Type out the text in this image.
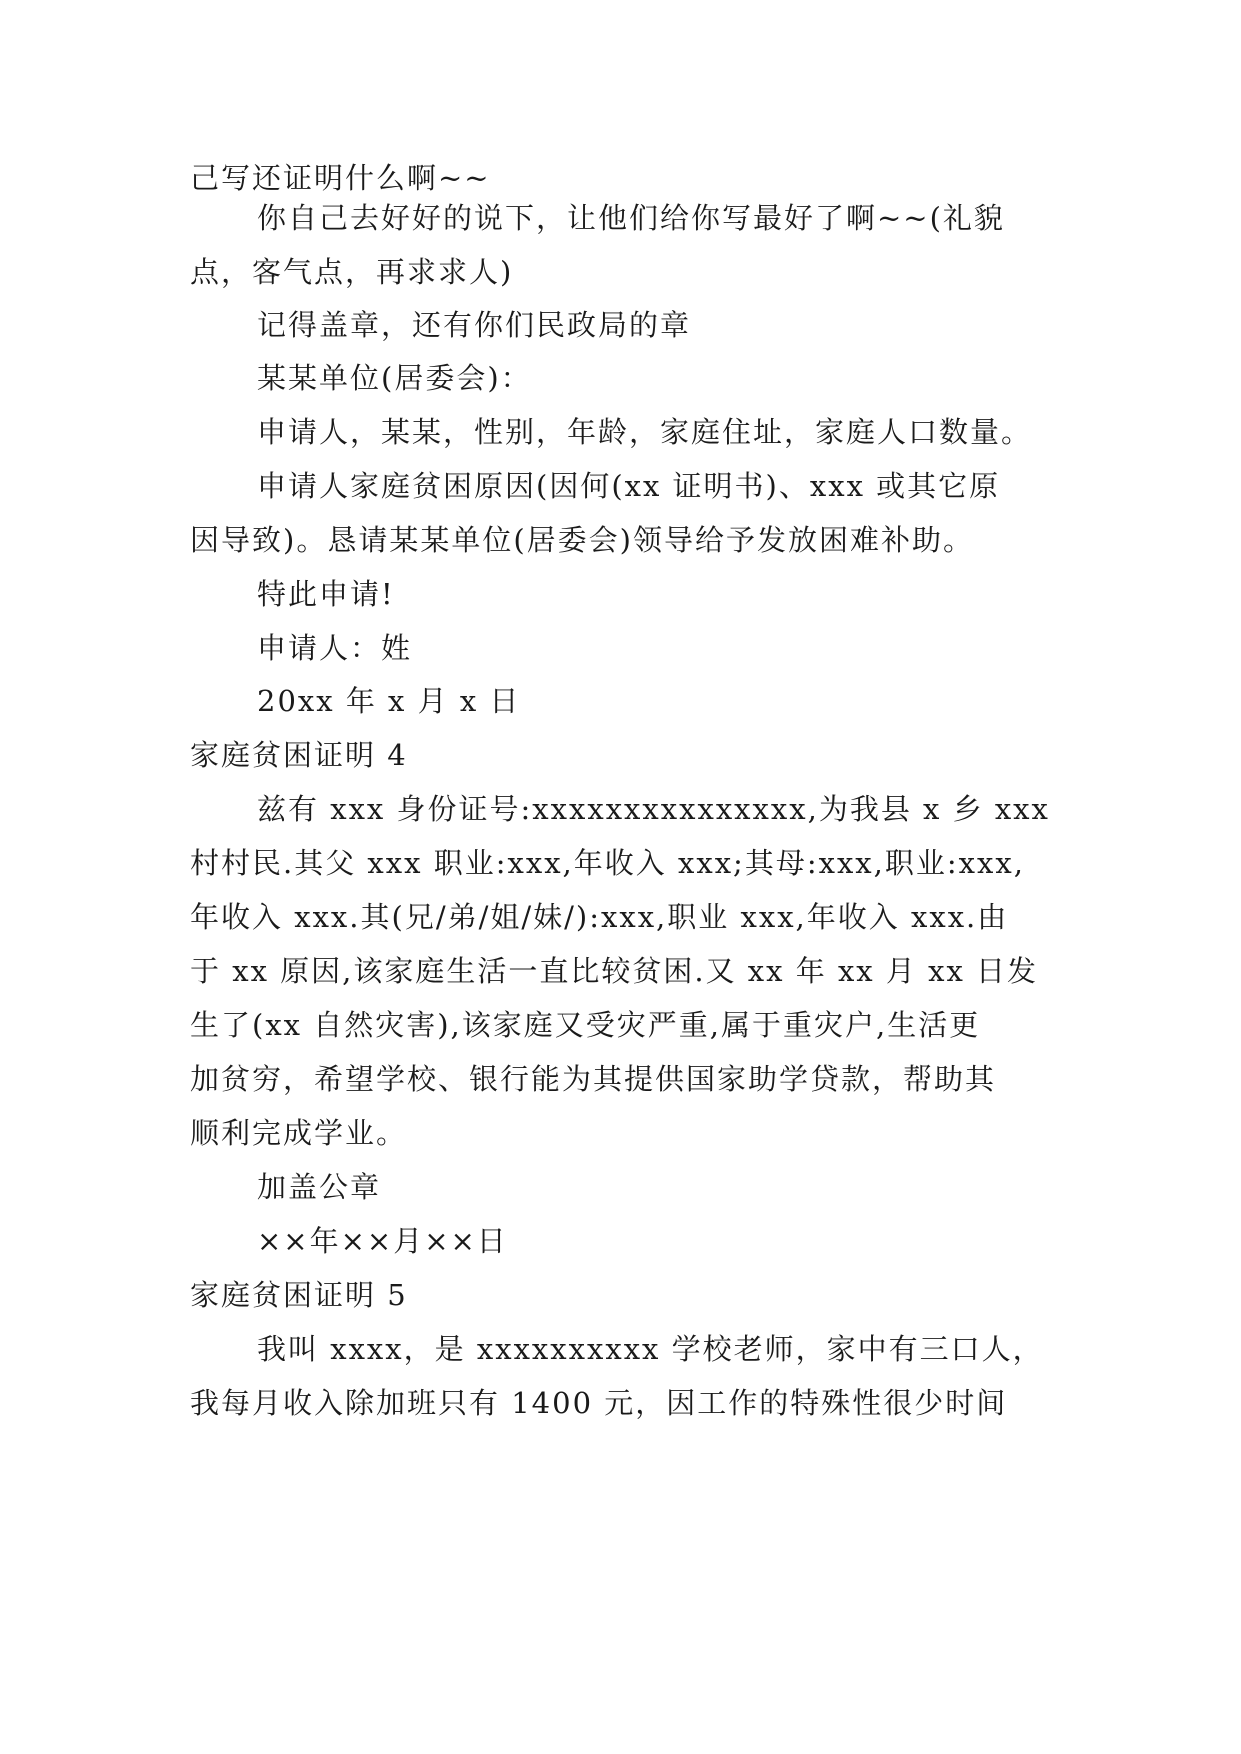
己写还证明什么啊~~
你自己去好好的说下，让他们给你写最好了啊~~(礼貌
点，客气点，再求求人)
记得盖章，还有你们民政局的章
某某单位(居委会)：
申请人，某某，性别，年龄，家庭住址，家庭人口数量。
申请人家庭贫困原因(因何(xx 证明书)、xxx 或其它原
因导致)。恳请某某单位(居委会)领导给予发放困难补助。
特此申请!
申请人：姓
20xx 年 x 月 x 日
家庭贫困证明 4
兹有 xxx 身份证号:xxxxxxxxxxxxxxx,为我县 x 乡 xxx
村村民.其父 xxx 职业:xxx,年收入 xxx;其母:xxx,职业:xxx,
年收入 xxx.其(兄/弟/姐/妹/):xxx,职业 xxx,年收入 xxx.由
于 xx 原因,该家庭生活一直比较贫困.又 xx 年 xx 月 xx 日发
生了(xx 自然灾害),该家庭又受灾严重,属于重灾户,生活更
加贫穷，希望学校、银行能为其提供国家助学贷款，帮助其
顺利完成学业。
加盖公章
××年××月××日
家庭贫困证明 5
我叫 xxxx，是 xxxxxxxxxx 学校老师，家中有三口人，
我每月收入除加班只有 1400 元，因工作的特殊性很少时间
